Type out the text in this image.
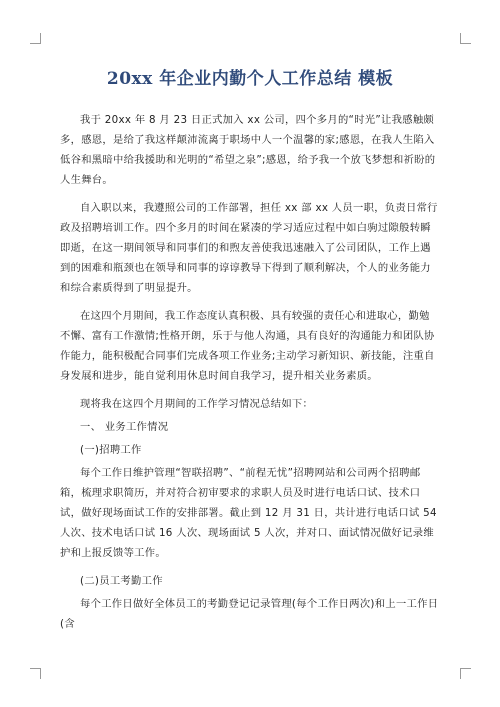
20xx 年企业内勤个人工作总结 模板

我于 20xx 年 8 月 23 日正式加入 xx 公司，四个多月的“时光”让我感触颇多，感恩，是给了我这样颠沛流离于职场中人一个温馨的家;感恩，在我人生陷入低谷和黑暗中给我援助和光明的“希望之泉”;感恩，给予我一个放飞梦想和祈盼的人生舞台。

自入职以来，我遵照公司的工作部署，担任 xx 部 xx 人员一职，负责日常行政及招聘培训工作。四个多月的时间在紧凑的学习适应过程中如白驹过隙般转瞬即逝，在这一期间领导和同事们的和煦友善使我迅速融入了公司团队，工作上遇到的困难和瓶颈也在领导和同事的谆谆教导下得到了顺利解决，个人的业务能力和综合素质得到了明显提升。

在这四个月期间，我工作态度认真积极、具有较强的责任心和进取心，勤勉不懈、富有工作激情;性格开朗，乐于与他人沟通，具有良好的沟通能力和团队协作能力，能积极配合同事们完成各项工作业务;主动学习新知识、新技能，注重自身发展和进步，能自觉利用休息时间自我学习，提升相关业务素质。

现将我在这四个月期间的工作学习情况总结如下：

一、 业务工作情况

(一)招聘工作

每个工作日维护管理“智联招聘”、“前程无忧”招聘网站和公司两个招聘邮箱，梳理求职简历，并对符合初审要求的求职人员及时进行电话口试、技术口试，做好现场面试工作的安排部署。截止到 12 月 31 日，共计进行电话口试 54 人次、技术电话口试 16 人次、现场面试 5 人次，并对口、面试情况做好记录维护和上报反馈等工作。

(二)员工考勤工作

每个工作日做好全体员工的考勤登记记录管理(每个工作日两次)和上一工作日(含
